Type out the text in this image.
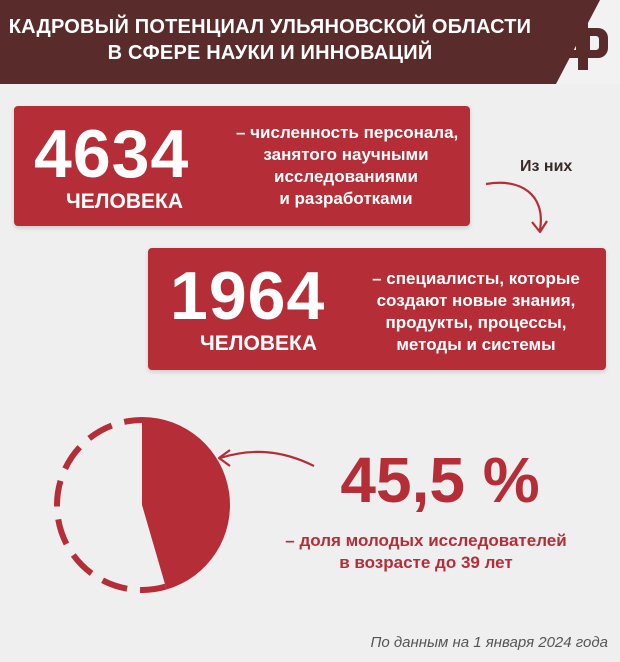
КАДРОВЫЙ ПОТЕНЦИАЛ УЛЬЯНОВСКОЙ ОБЛАСТИ
В СФЕРЕ НАУКИ И ИННОВАЦИЙ
4634
ЧЕЛОВЕКА
– численность персонала,
занятого научными
исследованиями
и разработками
Из них
1964
ЧЕЛОВЕКА
– специалисты, которые
создают новые знания,
продукты, процессы,
методы и системы
45,5 %
– доля молодых исследователей
в возрасте до 39 лет
По данным на 1 января 2024 года
